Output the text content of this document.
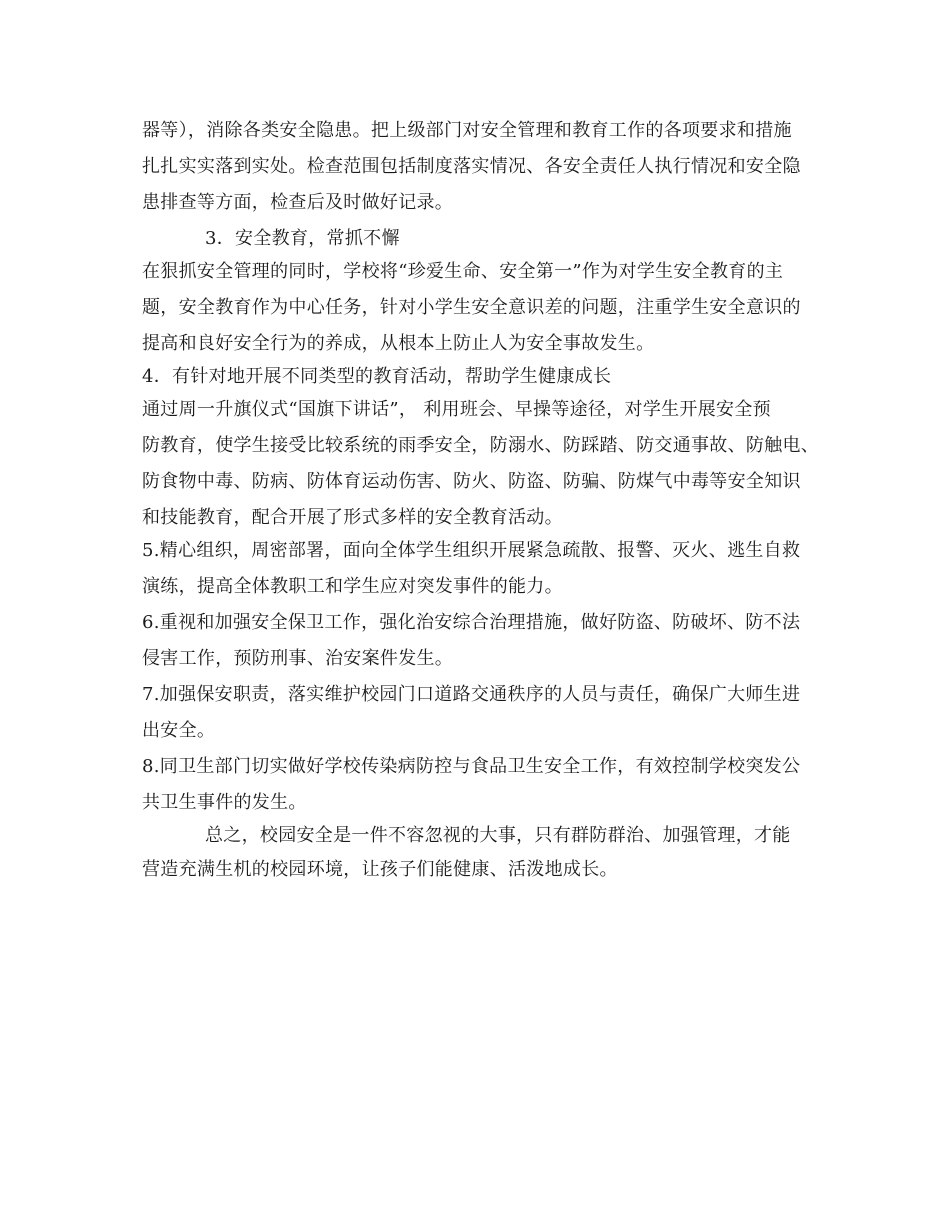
器等），消除各类安全隐患。把上级部门对安全管理和教育工作的各项要求和措施
扎扎实实落到实处。检查范围包括制度落实情况、各安全责任人执行情况和安全隐
患排查等方面，检查后及时做好记录。
3．安全教育，常抓不懈
在狠抓安全管理的同时，学校将“珍爱生命、安全第一”作为对学生安全教育的主
题，安全教育作为中心任务，针对小学生安全意识差的问题，注重学生安全意识的
提高和良好安全行为的养成，从根本上防止人为安全事故发生。
4．有针对地开展不同类型的教育活动，帮助学生健康成长
通过周一升旗仪式“国旗下讲话”， 利用班会、早操等途径，对学生开展安全预
防教育，使学生接受比较系统的雨季安全，防溺水、防踩踏、防交通事故、防触电、
防食物中毒、防病、防体育运动伤害、防火、防盗、防骗、防煤气中毒等安全知识
和技能教育，配合开展了形式多样的安全教育活动。
5.精心组织，周密部署，面向全体学生组织开展紧急疏散、报警、灭火、逃生自救
演练，提高全体教职工和学生应对突发事件的能力。
6.重视和加强安全保卫工作，强化治安综合治理措施，做好防盗、防破坏、防不法
侵害工作，预防刑事、治安案件发生。
7.加强保安职责，落实维护校园门口道路交通秩序的人员与责任，确保广大师生进
出安全。
8.同卫生部门切实做好学校传染病防控与食品卫生安全工作，有效控制学校突发公
共卫生事件的发生。
总之，校园安全是一件不容忽视的大事，只有群防群治、加强管理，才能
营造充满生机的校园环境，让孩子们能健康、活泼地成长。
